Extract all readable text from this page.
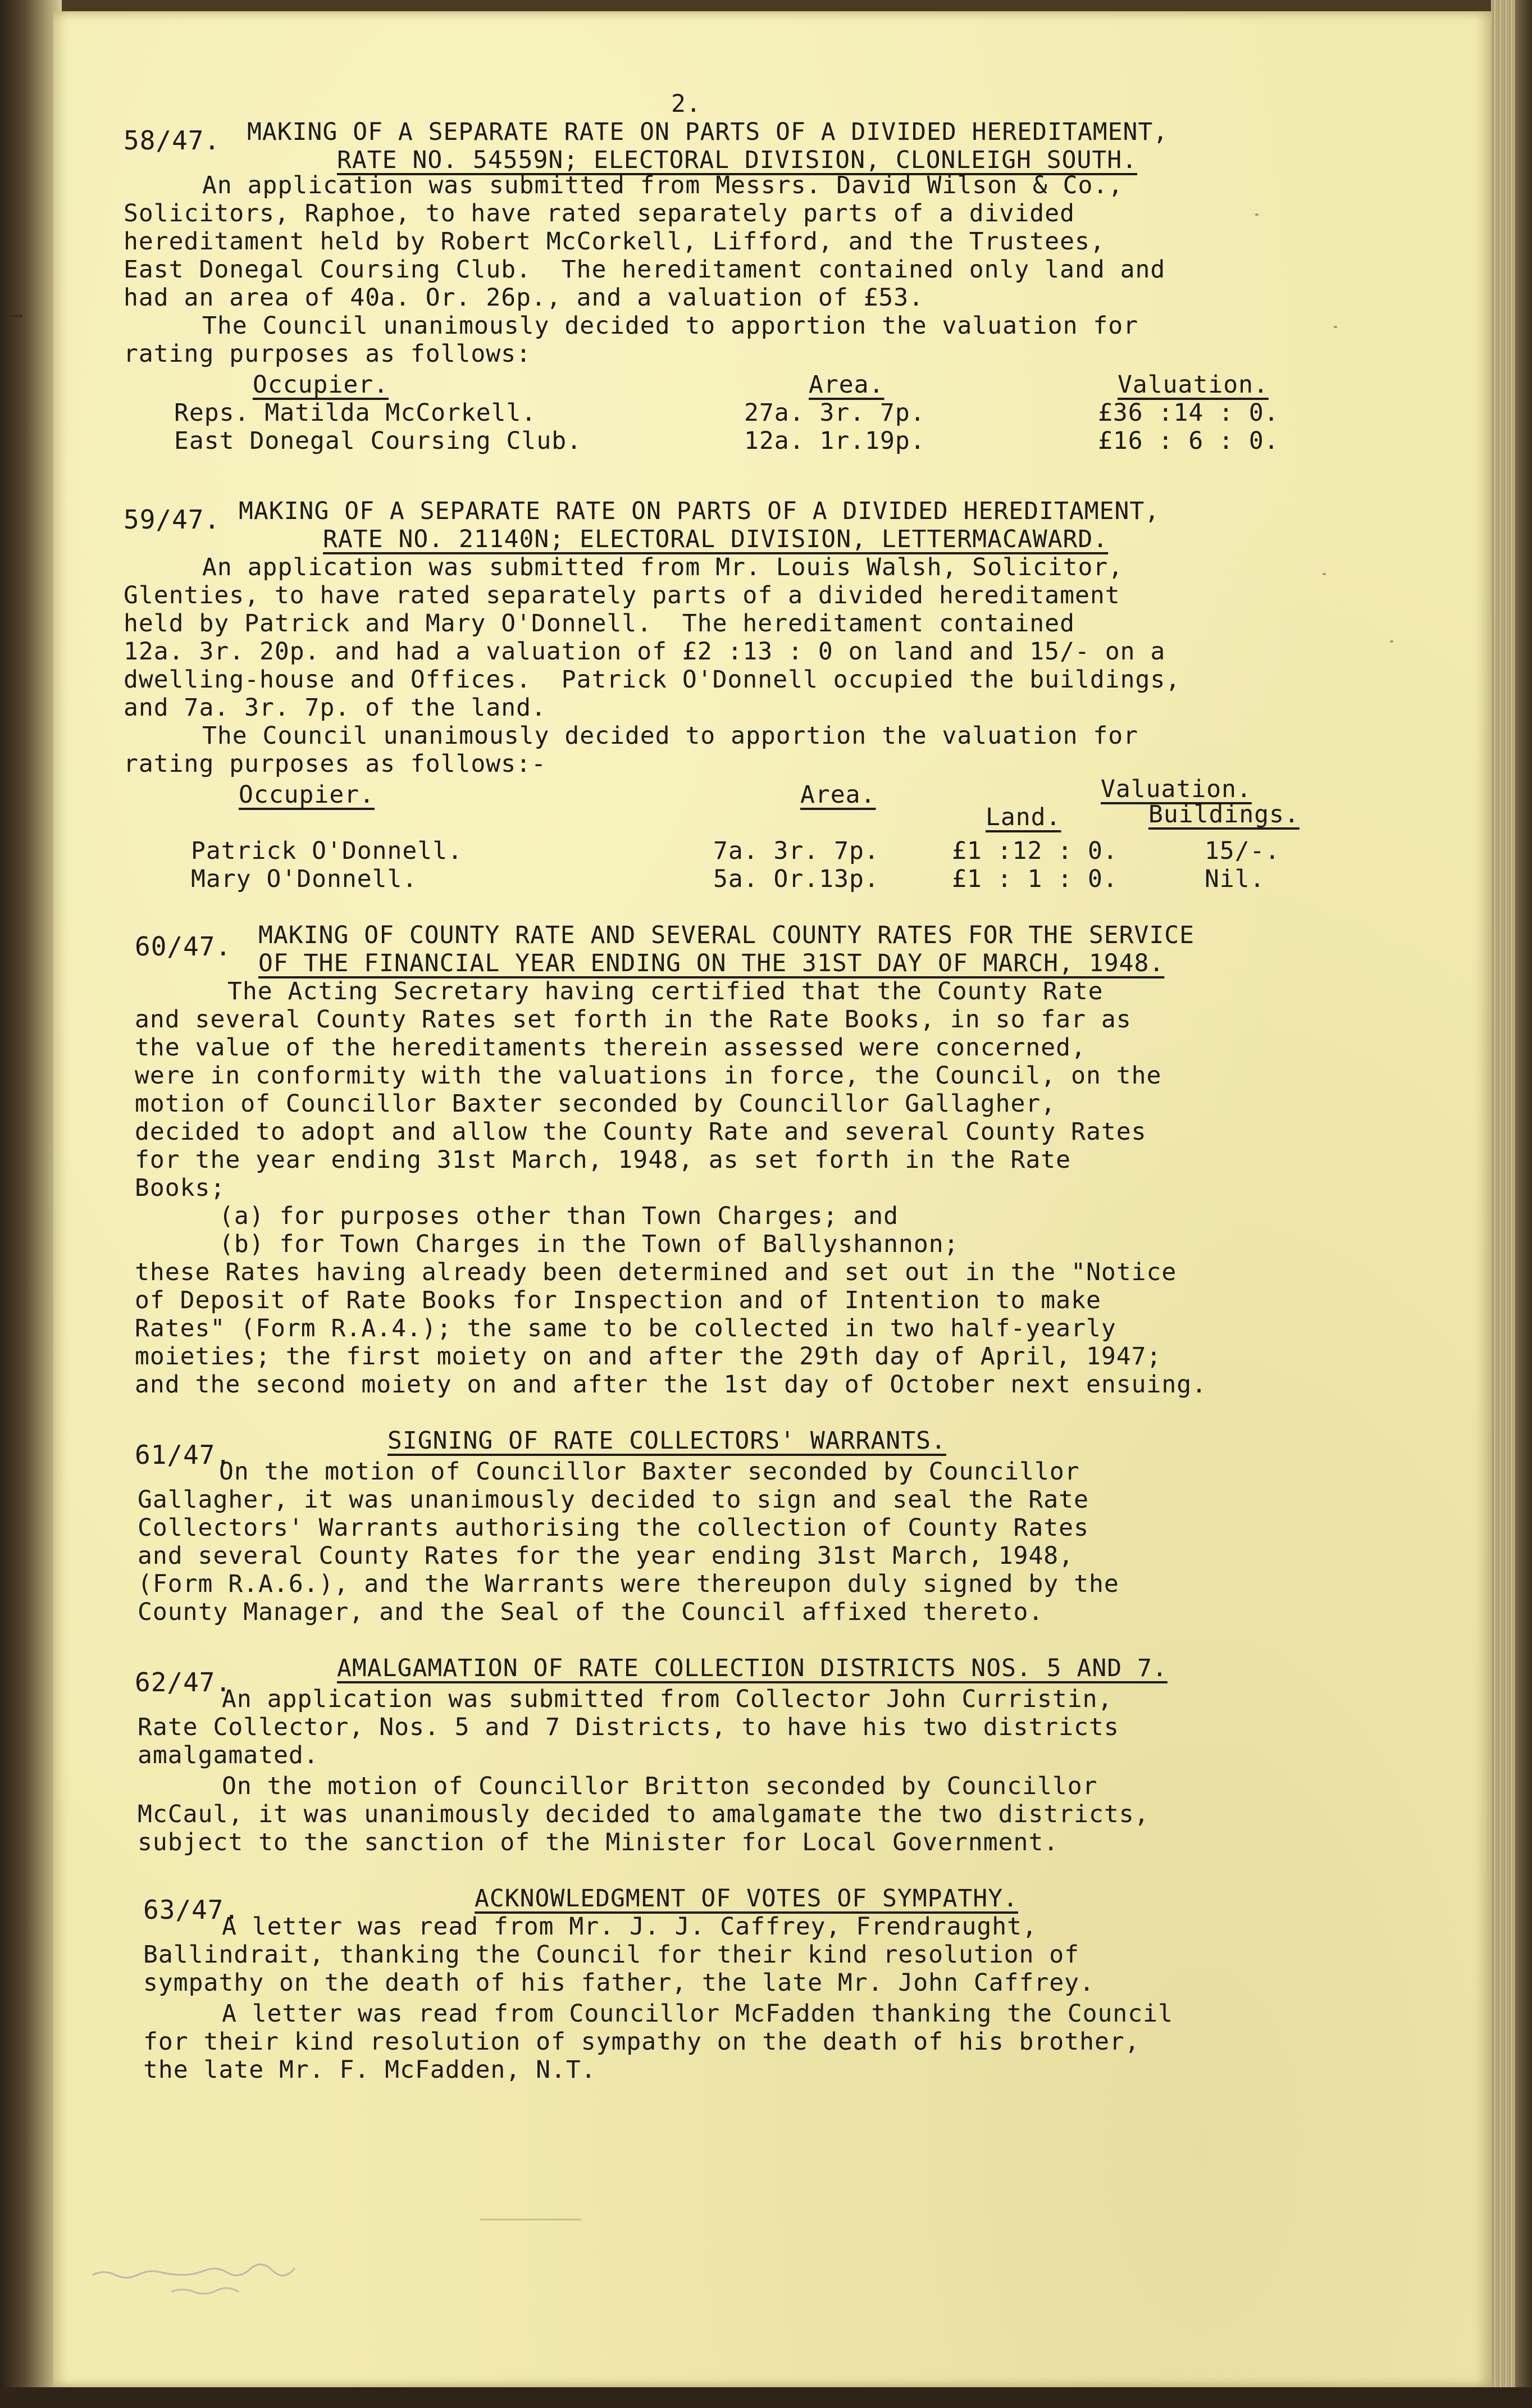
2.
58/47. MAKING OF A SEPARATE RATE ON PARTS OF A DIVIDED HEREDITAMENT,
RATE NO. 54559N; ELECTORAL DIVISION, CLONLEIGH SOUTH.
An application was submitted from Messrs. David Wilson & Co.,
Solicitors, Raphoe, to have rated separately parts of a divided
hereditament held by Robert McCorkell, Lifford, and the Trustees,
East Donegal Coursing Club.  The hereditament contained only land and
had an area of 40a. Or. 26p., and a valuation of £53.
The Council unanimously decided to apportion the valuation for
rating purposes as follows:
Occupier.	Area.	Valuation.
Reps. Matilda McCorkell.	27a. 3r. 7p.	£36 :14 : 0.
East Donegal Coursing Club.	12a. 1r.19p.	£16 : 6 : 0.
59/47. MAKING OF A SEPARATE RATE ON PARTS OF A DIVIDED HEREDITAMENT,
RATE NO. 21140N; ELECTORAL DIVISION, LETTERMACAWARD.
An application was submitted from Mr. Louis Walsh, Solicitor,
Glenties, to have rated separately parts of a divided hereditament
held by Patrick and Mary O'Donnell.  The hereditament contained
12a. 3r. 20p. and had a valuation of £2 :13 : 0 on land and 15/- on a
dwelling-house and Offices.  Patrick O'Donnell occupied the buildings,
and 7a. 3r. 7p. of the land.
The Council unanimously decided to apportion the valuation for
rating purposes as follows:-
Occupier.	Area.	Valuation.
Land.	Buildings.
Patrick O'Donnell.	7a. 3r. 7p.	£1 :12 : 0.	15/-.
Mary O'Donnell.	5a. Or.13p.	£1 : 1 : 0.	Nil.
60/47. MAKING OF COUNTY RATE AND SEVERAL COUNTY RATES FOR THE SERVICE
OF THE FINANCIAL YEAR ENDING ON THE 31ST DAY OF MARCH, 1948.
The Acting Secretary having certified that the County Rate
and several County Rates set forth in the Rate Books, in so far as
the value of the hereditaments therein assessed were concerned,
were in conformity with the valuations in force, the Council, on the
motion of Councillor Baxter seconded by Councillor Gallagher,
decided to adopt and allow the County Rate and several County Rates
for the year ending 31st March, 1948, as set forth in the Rate
Books;
(a) for purposes other than Town Charges; and
(b) for Town Charges in the Town of Ballyshannon;
these Rates having already been determined and set out in the "Notice
of Deposit of Rate Books for Inspection and of Intention to make
Rates" (Form R.A.4.); the same to be collected in two half-yearly
moieties; the first moiety on and after the 29th day of April, 1947;
and the second moiety on and after the 1st day of October next ensuing.
61/47.	SIGNING OF RATE COLLECTORS' WARRANTS.
On the motion of Councillor Baxter seconded by Councillor
Gallagher, it was unanimously decided to sign and seal the Rate
Collectors' Warrants authorising the collection of County Rates
and several County Rates for the year ending 31st March, 1948,
(Form R.A.6.), and the Warrants were thereupon duly signed by the
County Manager, and the Seal of the Council affixed thereto.
62/47.	AMALGAMATION OF RATE COLLECTION DISTRICTS NOS. 5 AND 7.
An application was submitted from Collector John Curristin,
Rate Collector, Nos. 5 and 7 Districts, to have his two districts
amalgamated.
On the motion of Councillor Britton seconded by Councillor
McCaul, it was unanimously decided to amalgamate the two districts,
subject to the sanction of the Minister for Local Government.
63/47.	ACKNOWLEDGMENT OF VOTES OF SYMPATHY.
A letter was read from Mr. J. J. Caffrey, Frendraught,
Ballindrait, thanking the Council for their kind resolution of
sympathy on the death of his father, the late Mr. John Caffrey.
A letter was read from Councillor McFadden thanking the Council
for their kind resolution of sympathy on the death of his brother,
the late Mr. F. McFadden, N.T.
